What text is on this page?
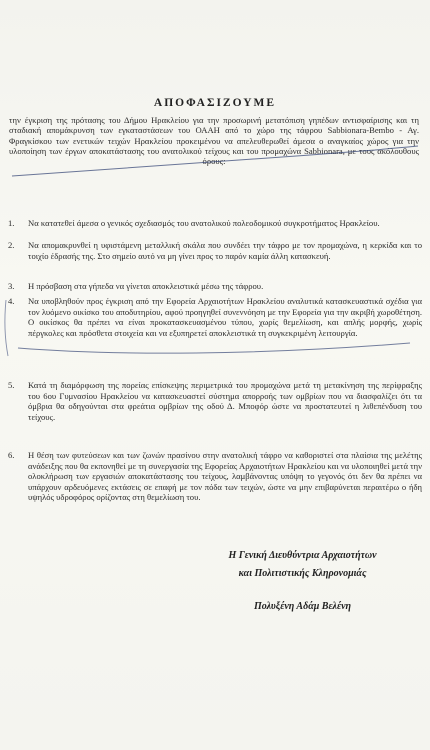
ΑΠΟΦΑΣΙΖΟΥΜΕ
την έγκριση της πρότασης του Δήμου Ηρακλείου για την προσωρινή μετατόπιση γηπέδων αντισφαίρισης και τη σταδιακή απομάκρυνση των εγκαταστάσεων του ΟΑΑΗ από το χώρο της τάφρου Sabbionara-Bembo - Αγ. Φραγκίσκου των ενετικών τειχών Ηρακλείου προκειμένου να απελευθερωθεί άμεσα ο αναγκαίος χώρος για την υλοποίηση των έργων αποκατάστασης του ανατολικού τείχους και του προμαχώνα Sabbionara, με τους ακόλουθους όρους:
1.	Να κατατεθεί άμεσα ο γενικός σχεδιασμός του ανατολικού πολεοδομικού συγκροτήματος Ηρακλείου.
2.	Να απομακρυνθεί η υφιστάμενη μεταλλική σκάλα που συνδέει την τάφρο με τον προμαχώνα, η κερκίδα και το τοιχίο έδρασής της. Στο σημείο αυτό να μη γίνει προς το παρόν καμία άλλη κατασκευή.
3.	Η πρόσβαση στα γήπεδα να γίνεται αποκλειστικά μέσω της τάφρου.
4.	Να υποβληθούν προς έγκριση από την Εφορεία Αρχαιοτήτων Ηρακλείου αναλυτικά κατασκευαστικά σχέδια για τον λυόμενο οικίσκο του αποδυτηρίου, αφού προηγηθεί συνεννόηση με την Εφορεία για την ακριβή χωροθέτηση. Ο οικίσκος θα πρέπει να είναι προκατασκευασμένου τύπου, χωρίς θεμελίωση, και απλής μορφής, χωρίς πέργκολες και πρόσθετα στοιχεία και να εξυπηρετεί αποκλειστικά τη συγκεκριμένη λειτουργία.
5.	Κατά τη διαμόρφωση της πορείας επίσκεψης περιμετρικά του προμαχώνα μετά τη μετακίνηση της περίφραξης του 6ου Γυμνασίου Ηρακλείου να κατασκευαστεί σύστημα απορροής των ομβρίων που να διασφαλίζει ότι τα όμβρια θα οδηγούνται στα φρεάτια ομβρίων της οδού Δ. Μποφόρ ώστε να προστατευτεί η λιθεπένδυση του τείχους.
6.	Η θέση των φυτεύσεων και των ζωνών πρασίνου στην ανατολική τάφρο να καθοριστεί στα πλαίσια της μελέτης ανάδειξης που θα εκπονηθεί με τη συνεργασία της Εφορείας Αρχαιοτήτων Ηρακλείου και να υλοποιηθεί μετά την ολοκλήρωση των εργασιών αποκατάστασης του τείχους, λαμβάνοντας υπόψη το γεγονός ότι δεν θα πρέπει να υπάρχουν αρδευόμενες εκτάσεις σε επαφή με τον πόδα των τειχών, ώστε να μην επιβαρύνεται περαιτέρω ο ήδη υψηλός υδροφόρος ορίζοντας στη θεμελίωση του.
Η Γενική Διευθύντρια Αρχαιοτήτων
και Πολιτιστικής Κληρονομιάς
Πολυξένη Αδάμ Βελένη
